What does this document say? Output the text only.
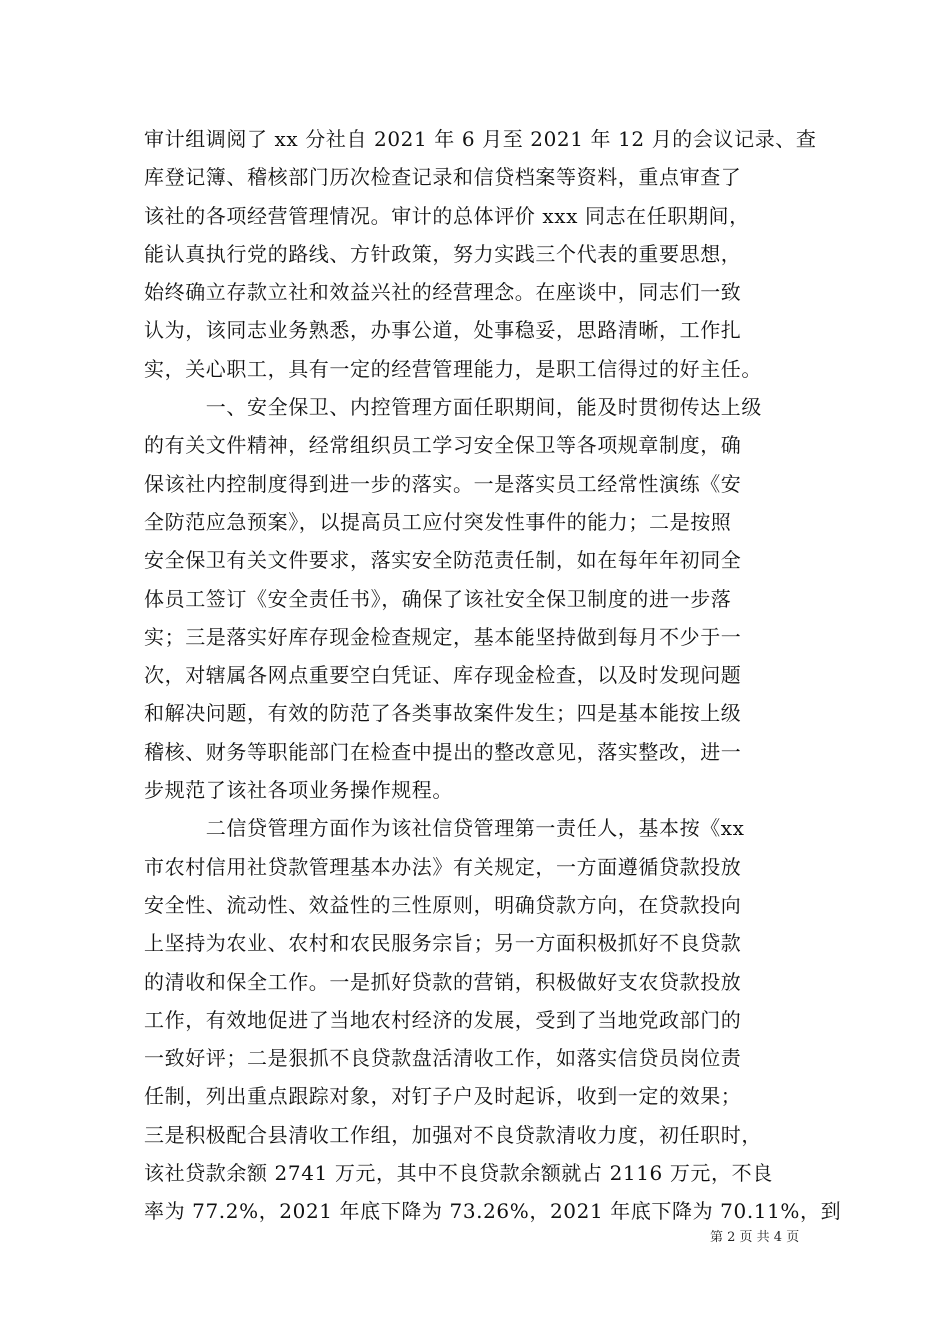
审计组调阅了 xx 分社自 2021 年 6 月至 2021 年 12 月的会议记录、查
库登记簿、稽核部门历次检查记录和信贷档案等资料，重点审查了
该社的各项经营管理情况。审计的总体评价 xxx 同志在任职期间，
能认真执行党的路线、方针政策，努力实践三个代表的重要思想，
始终确立存款立社和效益兴社的经营理念。在座谈中，同志们一致
认为，该同志业务熟悉，办事公道，处事稳妥，思路清晰，工作扎
实，关心职工，具有一定的经营管理能力，是职工信得过的好主任。
　　　一、安全保卫、内控管理方面任职期间，能及时贯彻传达上级
的有关文件精神，经常组织员工学习安全保卫等各项规章制度，确
保该社内控制度得到进一步的落实。一是落实员工经常性演练《安
全防范应急预案》，以提高员工应付突发性事件的能力；二是按照
安全保卫有关文件要求，落实安全防范责任制，如在每年年初同全
体员工签订《安全责任书》，确保了该社安全保卫制度的进一步落
实；三是落实好库存现金检查规定，基本能坚持做到每月不少于一
次，对辖属各网点重要空白凭证、库存现金检查，以及时发现问题
和解决问题，有效的防范了各类事故案件发生；四是基本能按上级
稽核、财务等职能部门在检查中提出的整改意见，落实整改，进一
步规范了该社各项业务操作规程。
　　　二信贷管理方面作为该社信贷管理第一责任人，基本按《xx
市农村信用社贷款管理基本办法》有关规定，一方面遵循贷款投放
安全性、流动性、效益性的三性原则，明确贷款方向，在贷款投向
上坚持为农业、农村和农民服务宗旨；另一方面积极抓好不良贷款
的清收和保全工作。一是抓好贷款的营销，积极做好支农贷款投放
工作，有效地促进了当地农村经济的发展，受到了当地党政部门的
一致好评；二是狠抓不良贷款盘活清收工作，如落实信贷员岗位责
任制，列出重点跟踪对象，对钉子户及时起诉，收到一定的效果；
三是积极配合县清收工作组，加强对不良贷款清收力度，初任职时，
该社贷款余额 2741 万元，其中不良贷款余额就占 2116 万元，不良
率为 77.2%，2021 年底下降为 73.26%，2021 年底下降为 70.11%，到
第 2 页 共 4 页
